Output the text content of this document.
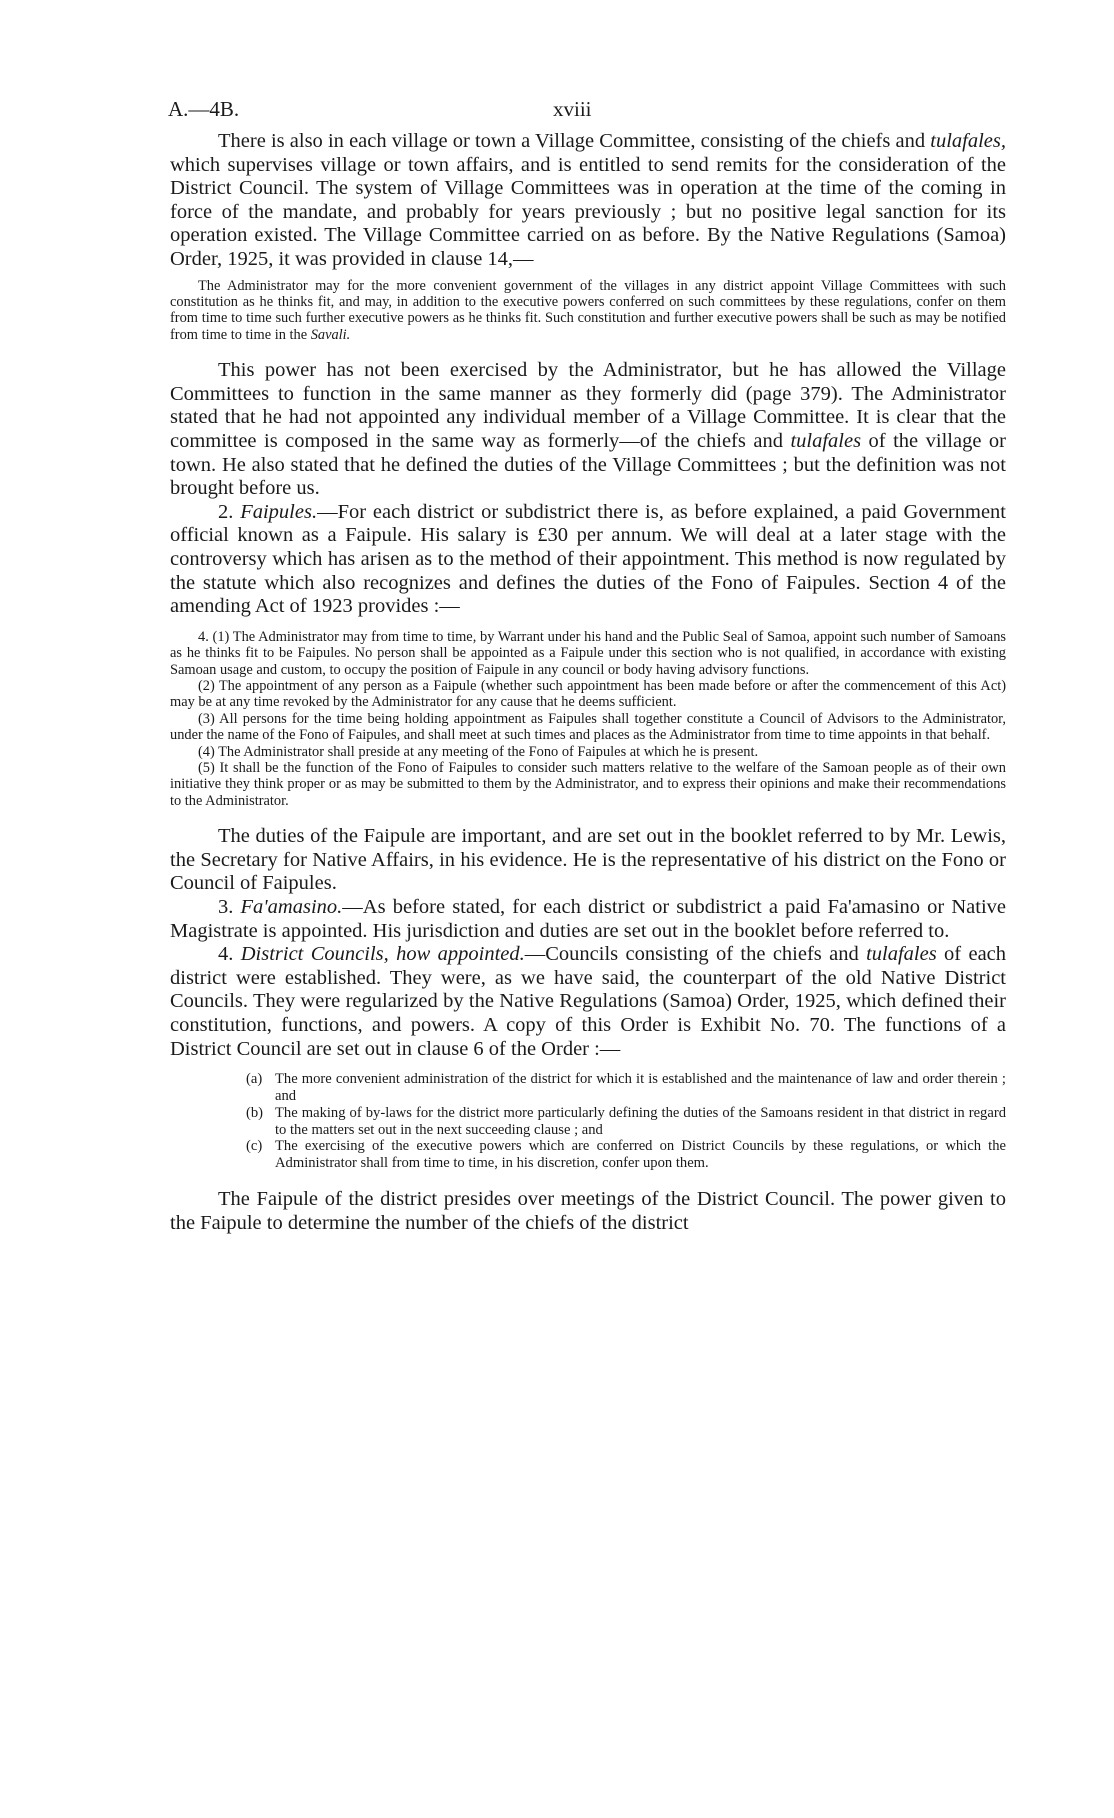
A.—4B.	xviii

There is also in each village or town a Village Committee, consisting of the chiefs and tulafales, which supervises village or town affairs, and is entitled to send remits for the consideration of the District Council. The system of Village Committees was in operation at the time of the coming in force of the mandate, and probably for years previously ; but no positive legal sanction for its operation existed. The Village Committee carried on as before. By the Native Regulations (Samoa) Order, 1925, it was provided in clause 14,—

The Administrator may for the more convenient government of the villages in any district appoint Village Committees with such constitution as he thinks fit, and may, in addition to the executive powers conferred on such committees by these regulations, confer on them from time to time such further executive powers as he thinks fit. Such constitution and further executive powers shall be such as may be notified from time to time in the Savali.

This power has not been exercised by the Administrator, but he has allowed the Village Committees to function in the same manner as they formerly did (page 379). The Administrator stated that he had not appointed any individual member of a Village Committee. It is clear that the committee is composed in the same way as formerly—of the chiefs and tulafales of the village or town. He also stated that he defined the duties of the Village Committees ; but the definition was not brought before us.

2. Faipules.—For each district or subdistrict there is, as before explained, a paid Government official known as a Faipule. His salary is £30 per annum. We will deal at a later stage with the controversy which has arisen as to the method of their appointment. This method is now regulated by the statute which also recognizes and defines the duties of the Fono of Faipules. Section 4 of the amending Act of 1923 provides :—

4. (1) The Administrator may from time to time, by Warrant under his hand and the Public Seal of Samoa, appoint such number of Samoans as he thinks fit to be Faipules. No person shall be appointed as a Faipule under this section who is not qualified, in accordance with existing Samoan usage and custom, to occupy the position of Faipule in any council or body having advisory functions.

(2) The appointment of any person as a Faipule (whether such appointment has been made before or after the commencement of this Act) may be at any time revoked by the Administrator for any cause that he deems sufficient.

(3) All persons for the time being holding appointment as Faipules shall together constitute a Council of Advisors to the Administrator, under the name of the Fono of Faipules, and shall meet at such times and places as the Administrator from time to time appoints in that behalf.

(4) The Administrator shall preside at any meeting of the Fono of Faipules at which he is present.

(5) It shall be the function of the Fono of Faipules to consider such matters relative to the welfare of the Samoan people as of their own initiative they think proper or as may be submitted to them by the Administrator, and to express their opinions and make their recommendations to the Administrator.

The duties of the Faipule are important, and are set out in the booklet referred to by Mr. Lewis, the Secretary for Native Affairs, in his evidence. He is the representative of his district on the Fono or Council of Faipules.

3. Fa'amasino.—As before stated, for each district or subdistrict a paid Fa'amasino or Native Magistrate is appointed. His jurisdiction and duties are set out in the booklet before referred to.

4. District Councils, how appointed.—Councils consisting of the chiefs and tulafales of each district were established. They were, as we have said, the counterpart of the old Native District Councils. They were regularized by the Native Regulations (Samoa) Order, 1925, which defined their constitution, functions, and powers. A copy of this Order is Exhibit No. 70. The functions of a District Council are set out in clause 6 of the Order :—

(a) The more convenient administration of the district for which it is established and the maintenance of law and order therein ; and
(b) The making of by-laws for the district more particularly defining the duties of the Samoans resident in that district in regard to the matters set out in the next succeeding clause ; and
(c) The exercising of the executive powers which are conferred on District Councils by these regulations, or which the Administrator shall from time to time, in his discretion, confer upon them.

The Faipule of the district presides over meetings of the District Council. The power given to the Faipule to determine the number of the chiefs of the district
